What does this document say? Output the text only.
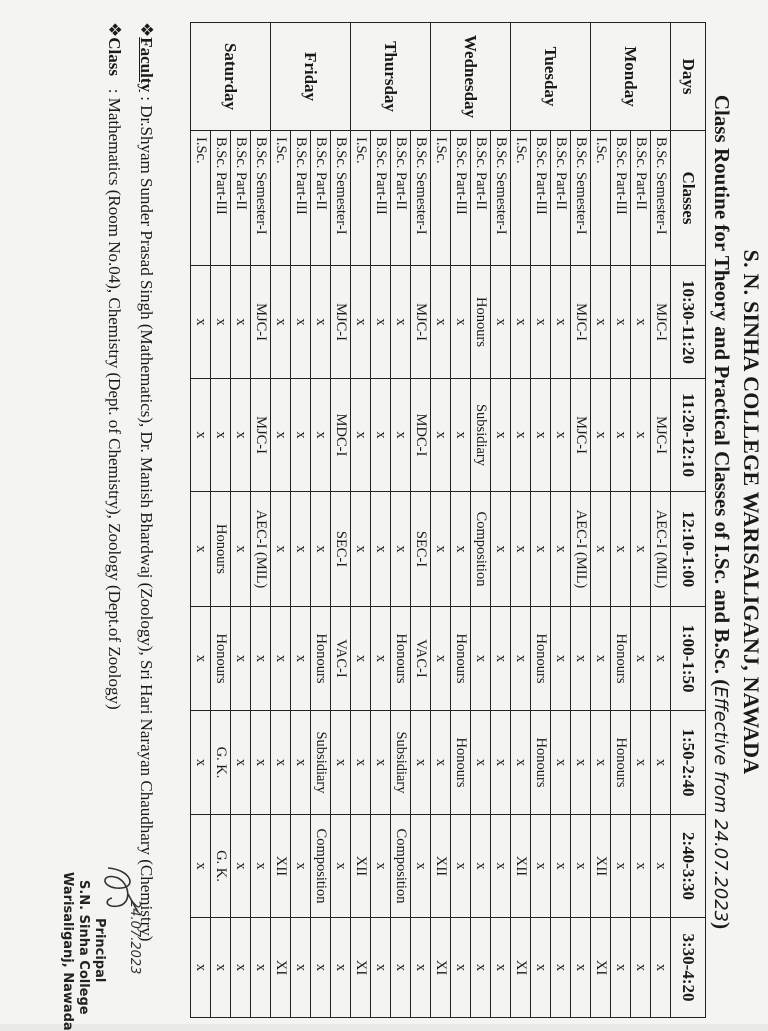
S. N. SINHA COLLEGE WARISALIGANJ, NAWADA
Class Routine for Theory and Practical Classes of I.Sc. and B.Sc. (Effective from 24.07.2023)
Days	Classes	10:30-11:20	11:20-12:10	12:10-1:00	1:00-1:50	1:50-2:40	2:40-3:30	3:30-4:20
Monday	B.Sc. Semester-I	MJC-I	MJC-I	AEC-I (MIL)	x	x	x	x
	B.Sc. Part-II	x	x	x	x	x	x	x
	B.Sc. Part-III	x	x	x	Honours	Honours	x	x
	I.Sc.	x	x	x	x	x	XII	XI
Tuesday	B.Sc. Semester-I	MJC-I	MJC-I	AEC-I (MIL)	x	x	x	x
	B.Sc. Part-II	x	x	x	x	x	x	x
	B.Sc. Part-III	x	x	x	Honours	Honours	x	x
	I.Sc.	x	x	x	x	x	XII	XI
Wednesday	B.Sc. Semester-I	x	x	x	x	x	x	x
	B.Sc. Part-II	Honours	Subsidiary	Composition	x	x	x	x
	B.Sc. Part-III	x	x	x	Honours	Honours	x	x
	I.Sc.	x	x	x	x	x	XII	XI
Thursday	B.Sc. Semester-I	MJC-I	MDC-I	SEC-I	VAC-I	x	x	x
	B.Sc. Part-II	x	x	x	Honours	Subsidiary	Composition	x
	B.Sc. Part-III	x	x	x	x	x	x	x
	I.Sc.	x	x	x	x	x	XII	XI
Friday	B.Sc. Semester-I	MJC-I	MDC-I	SEC-I	VAC-I	x	x	x
	B.Sc. Part-II	x	x	x	Honours	Subsidiary	Composition	x
	B.Sc. Part-III	x	x	x	x	x	x	x
	I.Sc.	x	x	x	x	x	XII	XI
Saturday	B.Sc. Semester-I	MJC-I	MJC-I	AEC-I (MIL)	x	x	x	x
	B.Sc. Part-II	x	x	x	x	x	x	x
	B.Sc. Part-III	x	x	Honours	Honours	G. K.	G. K.	x
	I.Sc.	x	x	x	x	x	x	x
❖Faculty : Dr.Shyam Sunder Prasad Singh (Mathematics), Dr. Manish Bhardwaj (Zoology), Sri Hari Narayan Chaudhary (Chemistry)
❖Class   : Mathematics (Room No.04), Chemistry (Dept. of Chemistry), Zoology (Dept.of Zoology)
24.07.2023
Principal
S.N. Sinha College
Warisaliganj, Nawada
